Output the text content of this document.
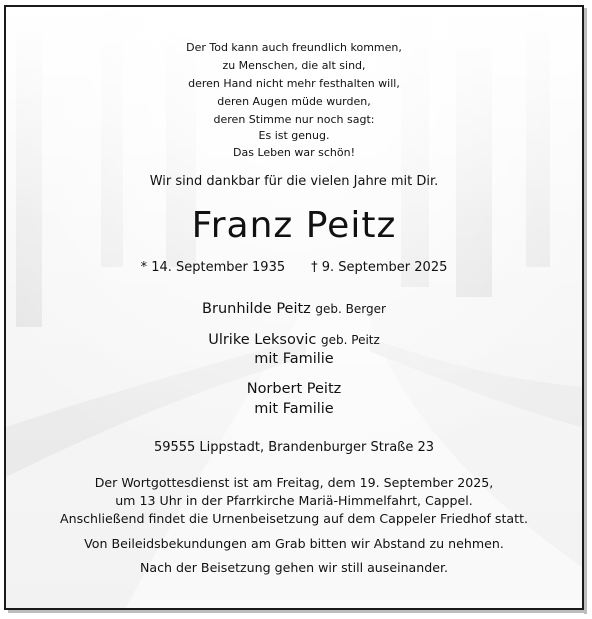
Der Tod kann auch freundlich kommen,
zu Menschen, die alt sind,
deren Hand nicht mehr festhalten will,
deren Augen müde wurden,
deren Stimme nur noch sagt:
Es ist genug.
Das Leben war schön!
Wir sind dankbar für die vielen Jahre mit Dir.
Franz Peitz
* 14. September 1935 † 9. September 2025
Brunhilde Peitz geb. Berger
Ulrike Leksovic geb. Peitz
mit Familie
Norbert Peitz
mit Familie
59555 Lippstadt, Brandenburger Straße 23
Der Wortgottesdienst ist am Freitag, dem 19. September 2025,
um 13 Uhr in der Pfarrkirche Mariä-Himmelfahrt, Cappel.
Anschließend findet die Urnenbeisetzung auf dem Cappeler Friedhof statt.
Von Beileidsbekundungen am Grab bitten wir Abstand zu nehmen.
Nach der Beisetzung gehen wir still auseinander.
